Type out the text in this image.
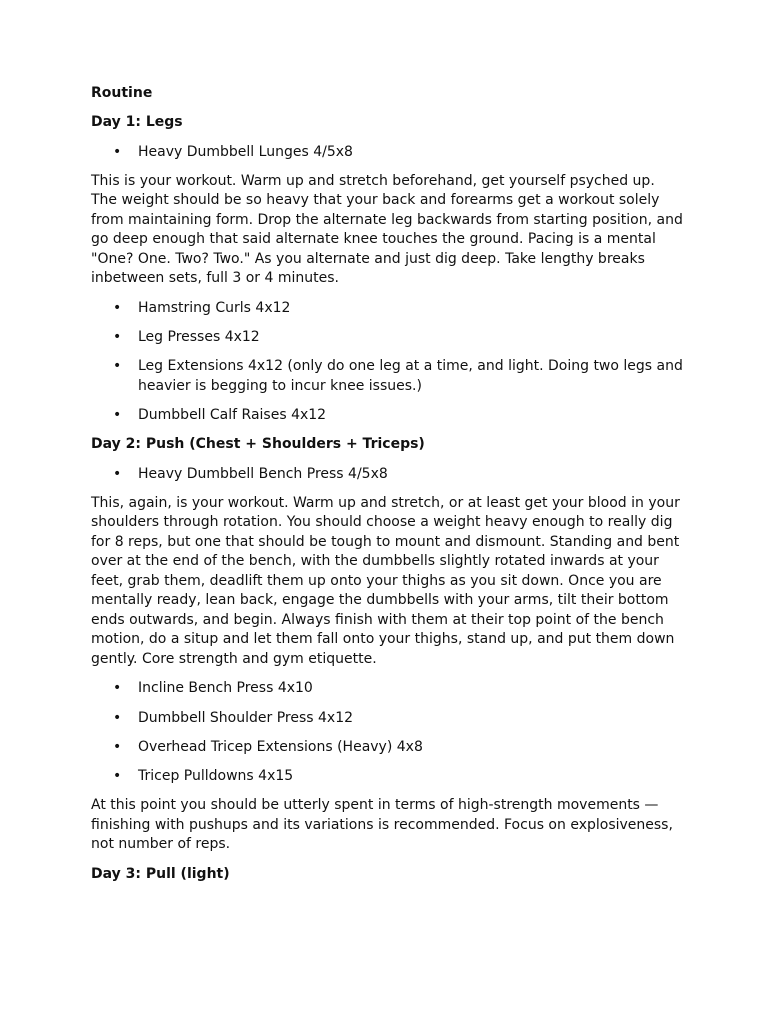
Routine
Day 1: Legs
• Heavy Dumbbell Lunges 4/5x8

This is your workout. Warm up and stretch beforehand, get yourself psyched up. The weight should be so heavy that your back and forearms get a workout solely from maintaining form. Drop the alternate leg backwards from starting position, and go deep enough that said alternate knee touches the ground. Pacing is a mental "One? One. Two? Two." As you alternate and just dig deep. Take lengthy breaks inbetween sets, full 3 or 4 minutes.

• Hamstring Curls 4x12
• Leg Presses 4x12
• Leg Extensions 4x12 (only do one leg at a time, and light. Doing two legs and heavier is begging to incur knee issues.)
• Dumbbell Calf Raises 4x12
Day 2: Push (Chest + Shoulders + Triceps)
• Heavy Dumbbell Bench Press 4/5x8

This, again, is your workout. Warm up and stretch, or at least get your blood in your shoulders through rotation. You should choose a weight heavy enough to really dig for 8 reps, but one that should be tough to mount and dismount. Standing and bent over at the end of the bench, with the dumbbells slightly rotated inwards at your feet, grab them, deadlift them up onto your thighs as you sit down. Once you are mentally ready, lean back, engage the dumbbells with your arms, tilt their bottom ends outwards, and begin. Always finish with them at their top point of the bench motion, do a situp and let them fall onto your thighs, stand up, and put them down gently. Core strength and gym etiquette.

• Incline Bench Press 4x10
• Dumbbell Shoulder Press 4x12
• Overhead Tricep Extensions (Heavy) 4x8
• Tricep Pulldowns 4x15

At this point you should be utterly spent in terms of high-strength movements — finishing with pushups and its variations is recommended. Focus on explosiveness, not number of reps.

Day 3: Pull (light)
